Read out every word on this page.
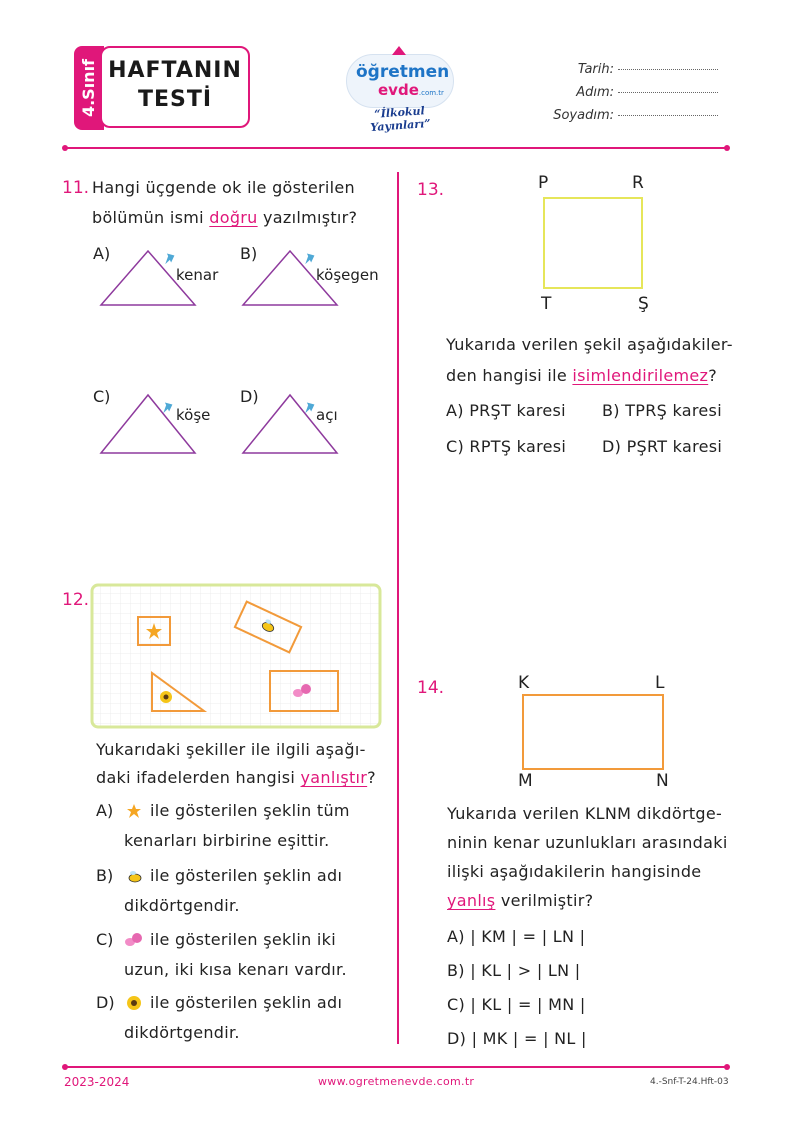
4.Sınıf HAFTANIN
TESTİ
öğretmen
evde.com.tr
“İlkokul Yayınları”
Tarih:
Adım:
Soyadım:
11. Hangi üçgende ok ile gösterilen
bölümün ismi doğru yazılmıştır?
A)
kenar
B)
köşegen
C)
köşe
D)
açı
12.
Yukarıdaki şekiller ile ilgili aşağı-
daki ifadelerden hangisi yanlıştır?
A) ile gösterilen şeklin tüm
kenarları birbirine eşittir.
B) ile gösterilen şeklin adı
dikdörtgendir.
C) ile gösterilen şeklin iki
uzun, iki kısa kenarı vardır.
D) ile gösterilen şeklin adı
dikdörtgendir.
13.	P	R
T	Ş
Yukarıda verilen şekil aşağıdakiler-
den hangisi ile isimlendirilemez?
A) PRŞT karesi B) TPRŞ karesi
C) RPTŞ karesi D) PŞRT karesi
14.	K	L
M	N
Yukarıda verilen KLNM dikdörtge-
ninin kenar uzunlukları arasındaki
ilişki aşağıdakilerin hangisinde
yanlış verilmiştir?
A) | KM | = | LN |
B) | KL | > | LN |
C) | KL | = | MN |
D) | MK | = | NL |
2023-2024	www.ogretmenevde.com.tr	4.-Snf-T-24.Hft-03
